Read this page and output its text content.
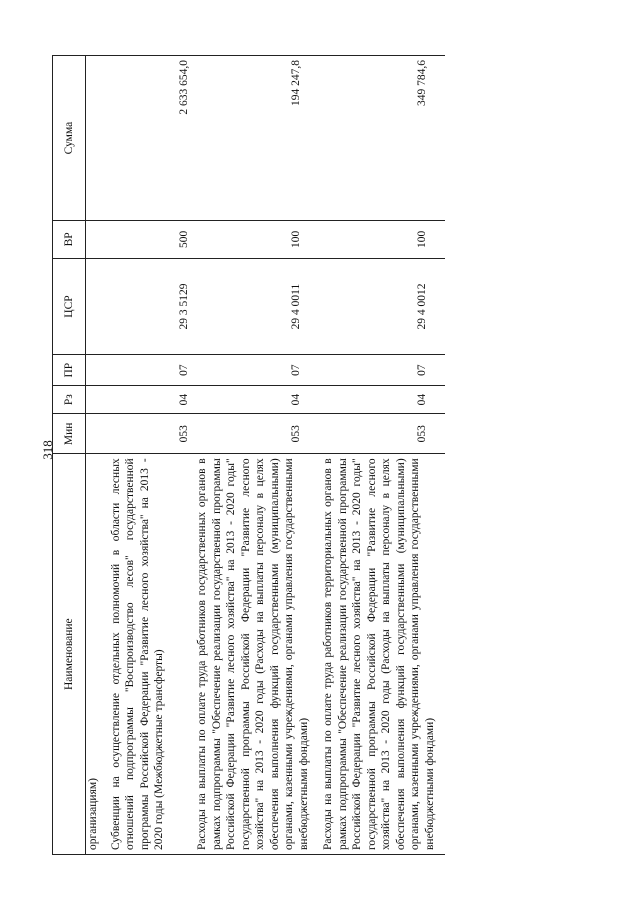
318
Наименование	Мин	Рз	ПР	ЦСР	ВР	Сумма
организациям)						
Субвенции на осуществление отдельных полномочий в области лесных отношений подпрограммы "Воспроизводство лесов" государственной программы Российской Федерации "Развитие лесного хозяйства" на 2013 - 2020 годы (Межбюджетные трансферты)	053	04	07	29 3 5129	500	2 633 654,0
Расходы на выплаты по оплате труда работников государственных органов в рамках подпрограммы "Обеспечение реализации государственной программы Российской Федерации "Развитие лесного хозяйства" на 2013 - 2020 годы" государственной программы Российской Федерации "Развитие лесного хозяйства" на 2013 - 2020 годы (Расходы на выплаты персоналу в целях обеспечения выполнения функций государственными (муниципальными) органами, казенными учреждениями, органами управления государственными внебюджетными фондами)	053	04	07	29 4 0011	100	194 247,8
Расходы на выплаты по оплате труда работников территориальных органов в рамках подпрограммы "Обеспечение реализации государственной программы Российской Федерации "Развитие лесного хозяйства" на 2013 - 2020 годы" государственной программы Российской Федерации "Развитие лесного хозяйства" на 2013 - 2020 годы (Расходы на выплаты персоналу в целях обеспечения выполнения функций государственными (муниципальными) органами, казенными учреждениями, органами управления государственными внебюджетными фондами)	053	04	07	29 4 0012	100	349 784,6
